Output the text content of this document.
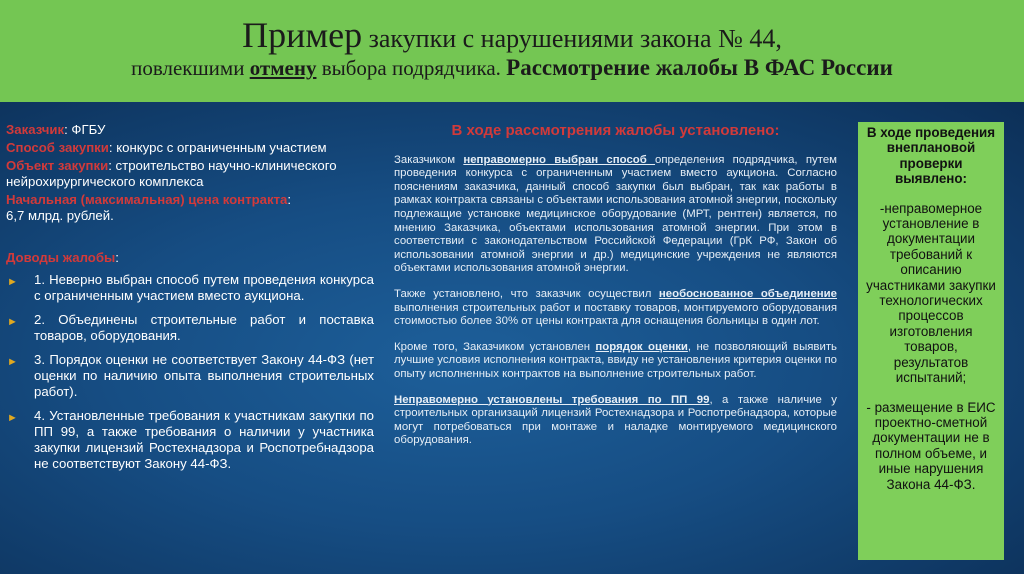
Пример закупки с нарушениями закона № 44,
повлекшими отмену выбора подрядчика. Рассмотрение жалобы В ФАС России

Заказчик: ФГБУ

Способ закупки: конкурс с ограниченным участием

Объект закупки: строительство научно-клинического нейрохирургического комплекса

Начальная (максимальная) цена контракта:
6,7 млрд. рублей.

Доводы жалобы:

► 1. Неверно выбран способ путем проведения конкурса с ограниченным участием вместо аукциона.
► 2. Объединены строительные работ и поставка товаров, оборудования.
► 3. Порядок оценки не соответствует Закону 44-ФЗ (нет оценки по наличию опыта выполнения строительных работ).
► 4. Установленные требования к участникам закупки по ПП 99, а также требования о наличии у участника закупки лицензий Ростехнадзора и Роспотребнадзора не соответствуют Закону 44-ФЗ.
В ходе рассмотрения жалобы установлено:

Заказчиком неправомерно выбран способ определения подрядчика, путем проведения конкурса с ограниченным участием вместо аукциона. Согласно пояснениям заказчика, данный способ закупки был выбран, так как работы в рамках контракта связаны с объектами использования атомной энергии, поскольку подлежащие установке медицинское оборудование (МРТ, рентген) является, по мнению Заказчика, объектами использования атомной энергии. При этом в соответствии с законодательством Российской Федерации (ГрК РФ, Закон об использовании атомной энергии и др.) медицинские учреждения не являются объектами использования атомной энергии.

Также установлено, что заказчик осуществил необоснованное объединение выполнения строительных работ и поставку товаров, монтируемого оборудования стоимостью более 30% от цены контракта для оснащения больницы в один лот.

Кроме того, Заказчиком установлен порядок оценки, не позволяющий выявить лучшие условия исполнения контракта, ввиду не установления критерия оценки по опыту исполненных контрактов на выполнение строительных работ.

Неправомерно установлены требования по ПП 99, а также наличие у строительных организаций лицензий Ростехнадзора и Роспотребнадзора, которые могут потребоваться при монтаже и наладке монтируемого медицинского оборудования.

В ходе проведения внеплановой проверки выявлено:

-неправомерное установление в документации требований к описанию участниками закупки технологических процессов изготовления товаров, результатов испытаний;

- размещение в ЕИС проектно-сметной документации не в полном объеме, и иные нарушения Закона 44-ФЗ.
